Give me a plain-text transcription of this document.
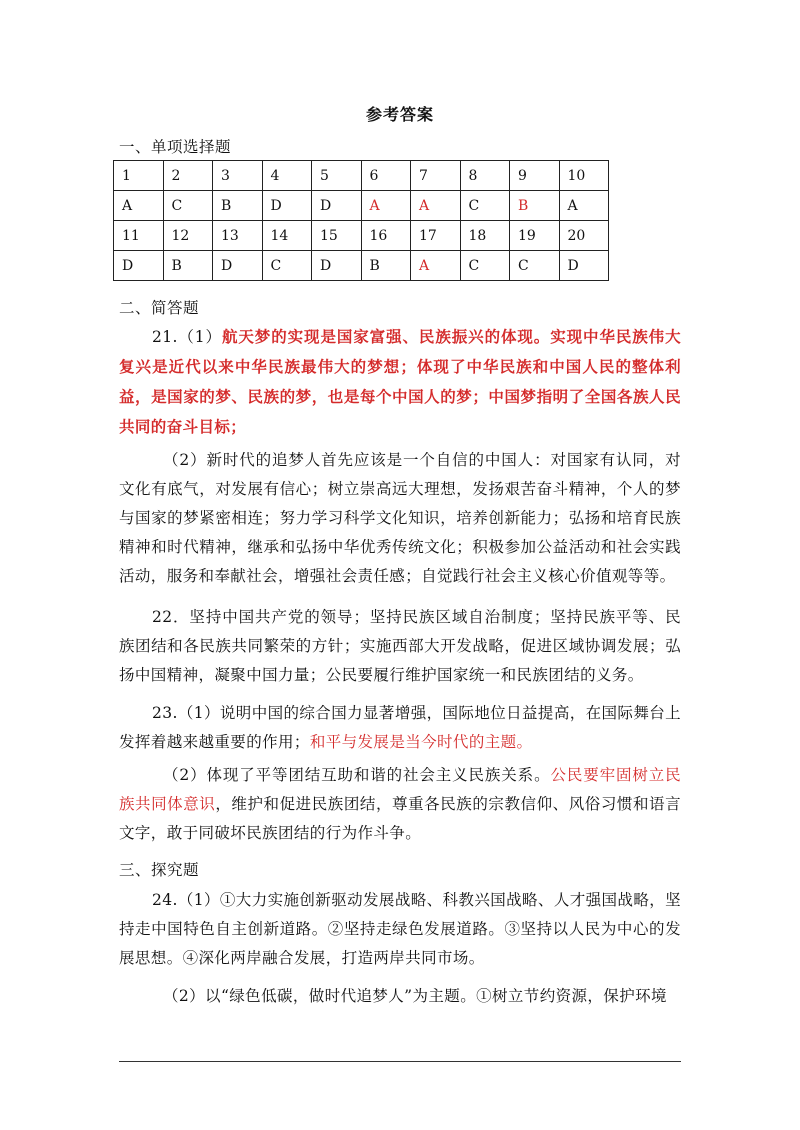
参考答案
一、单项选择题
1	2	3	4	5	6	7	8	9	10
A	C	B	D	D	A	A	C	B	A
11	12	13	14	15	16	17	18	19	20
D	B	D	C	D	B	A	C	C	D
二、简答题
21.（1）航天梦的实现是国家富强、民族振兴的体现。实现中华民族伟大复兴是近代以来中华民族最伟大的梦想；体现了中华民族和中国人民的整体利益，是国家的梦、民族的梦，也是每个中国人的梦；中国梦指明了全国各族人民共同的奋斗目标；
（2）新时代的追梦人首先应该是一个自信的中国人：对国家有认同，对文化有底气，对发展有信心；树立崇高远大理想，发扬艰苦奋斗精神，个人的梦与国家的梦紧密相连；努力学习科学文化知识，培养创新能力；弘扬和培育民族精神和时代精神，继承和弘扬中华优秀传统文化；积极参加公益活动和社会实践活动，服务和奉献社会，增强社会责任感；自觉践行社会主义核心价值观等等。
22．坚持中国共产党的领导；坚持民族区域自治制度；坚持民族平等、民族团结和各民族共同繁荣的方针；实施西部大开发战略，促进区域协调发展；弘扬中国精神，凝聚中国力量；公民要履行维护国家统一和民族团结的义务。
23.（1）说明中国的综合国力显著增强，国际地位日益提高，在国际舞台上发挥着越来越重要的作用；和平与发展是当今时代的主题。
（2）体现了平等团结互助和谐的社会主义民族关系。公民要牢固树立民族共同体意识，维护和促进民族团结，尊重各民族的宗教信仰、风俗习惯和语言文字，敢于同破坏民族团结的行为作斗争。
三、探究题
24.（1）①大力实施创新驱动发展战略、科教兴国战略、人才强国战略，坚持走中国特色自主创新道路。②坚持走绿色发展道路。③坚持以人民为中心的发展思想。④深化两岸融合发展，打造两岸共同市场。
（2）以“绿色低碳，做时代追梦人”为主题。①树立节约资源，保护环境
